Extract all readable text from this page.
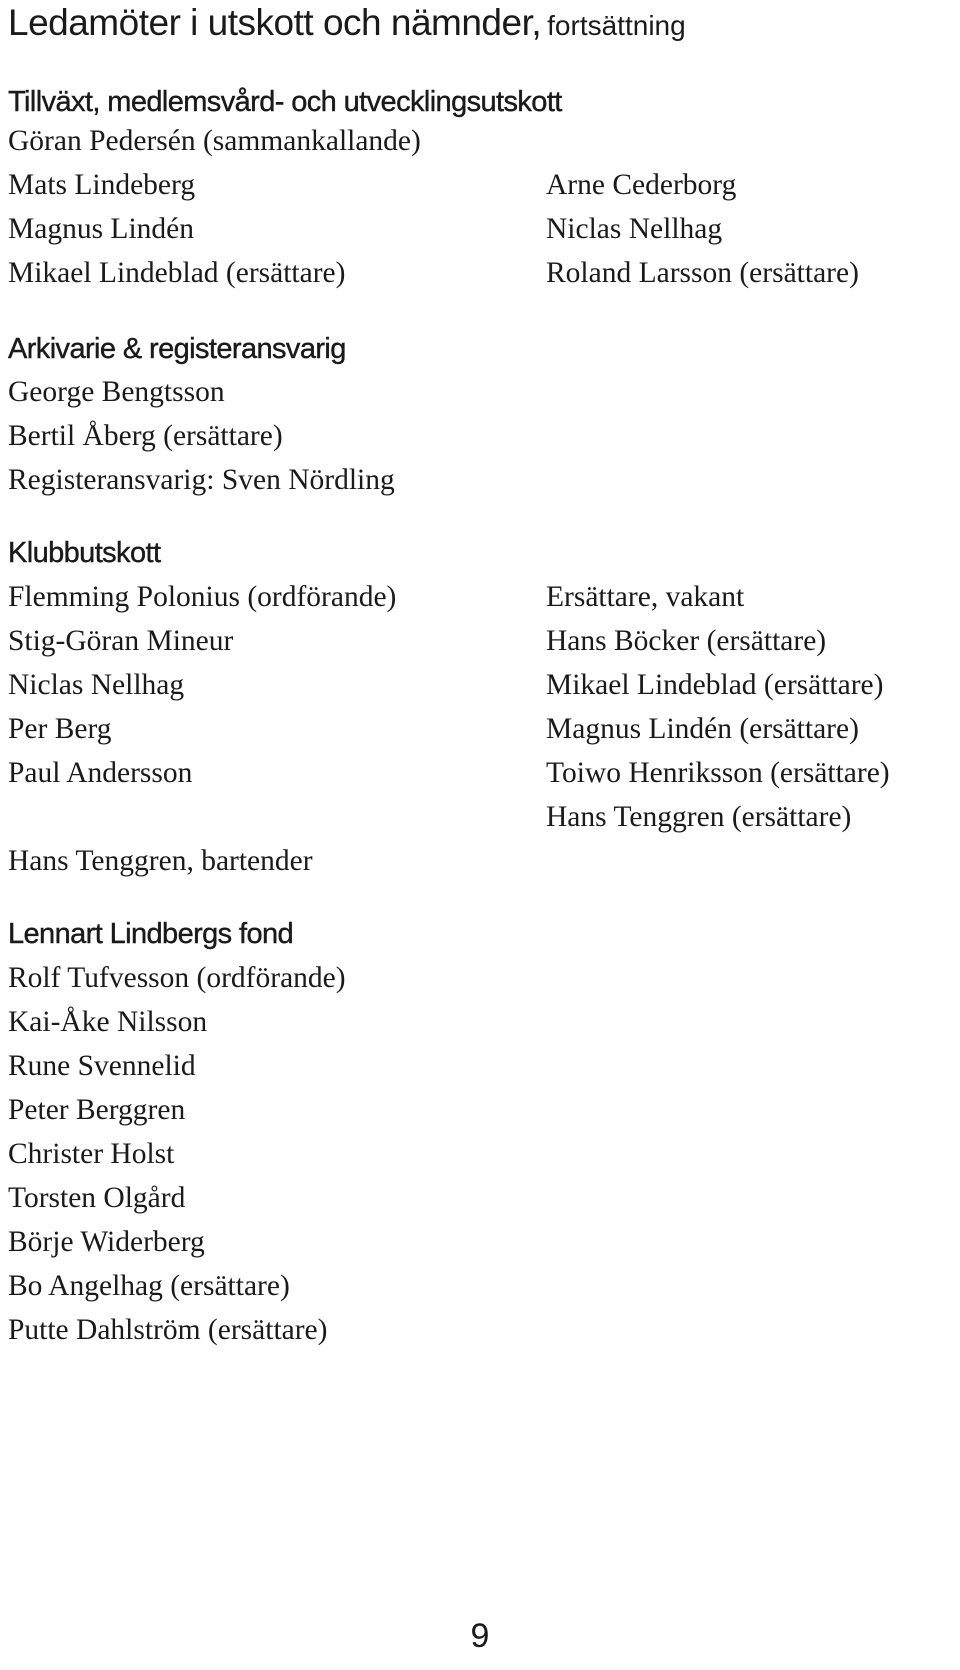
Ledamöter i utskott och nämnder, fortsättning
Tillväxt, medlemsvård- och utvecklingsutskott
Göran Pedersén (sammankallande)
Mats Lindeberg
Magnus Lindén
Mikael Lindeblad (ersättare)
Arne Cederborg
Niclas Nellhag
Roland Larsson (ersättare)
Arkivarie & registeransvarig
George Bengtsson
Bertil Åberg (ersättare)
Registeransvarig: Sven Nördling
Klubbutskott
Flemming Polonius (ordförande)
Stig-Göran Mineur
Niclas Nellhag
Per Berg
Paul Andersson
Hans Tenggren, bartender
Ersättare, vakant
Hans Böcker (ersättare)
Mikael Lindeblad (ersättare)
Magnus Lindén (ersättare)
Toiwo Henriksson (ersättare)
Hans Tenggren (ersättare)
Lennart Lindbergs fond
Rolf Tufvesson (ordförande)
Kai-Åke Nilsson
Rune Svennelid
Peter Berggren
Christer Holst
Torsten Olgård
Börje Widerberg
Bo Angelhag (ersättare)
Putte Dahlström (ersättare)
9
